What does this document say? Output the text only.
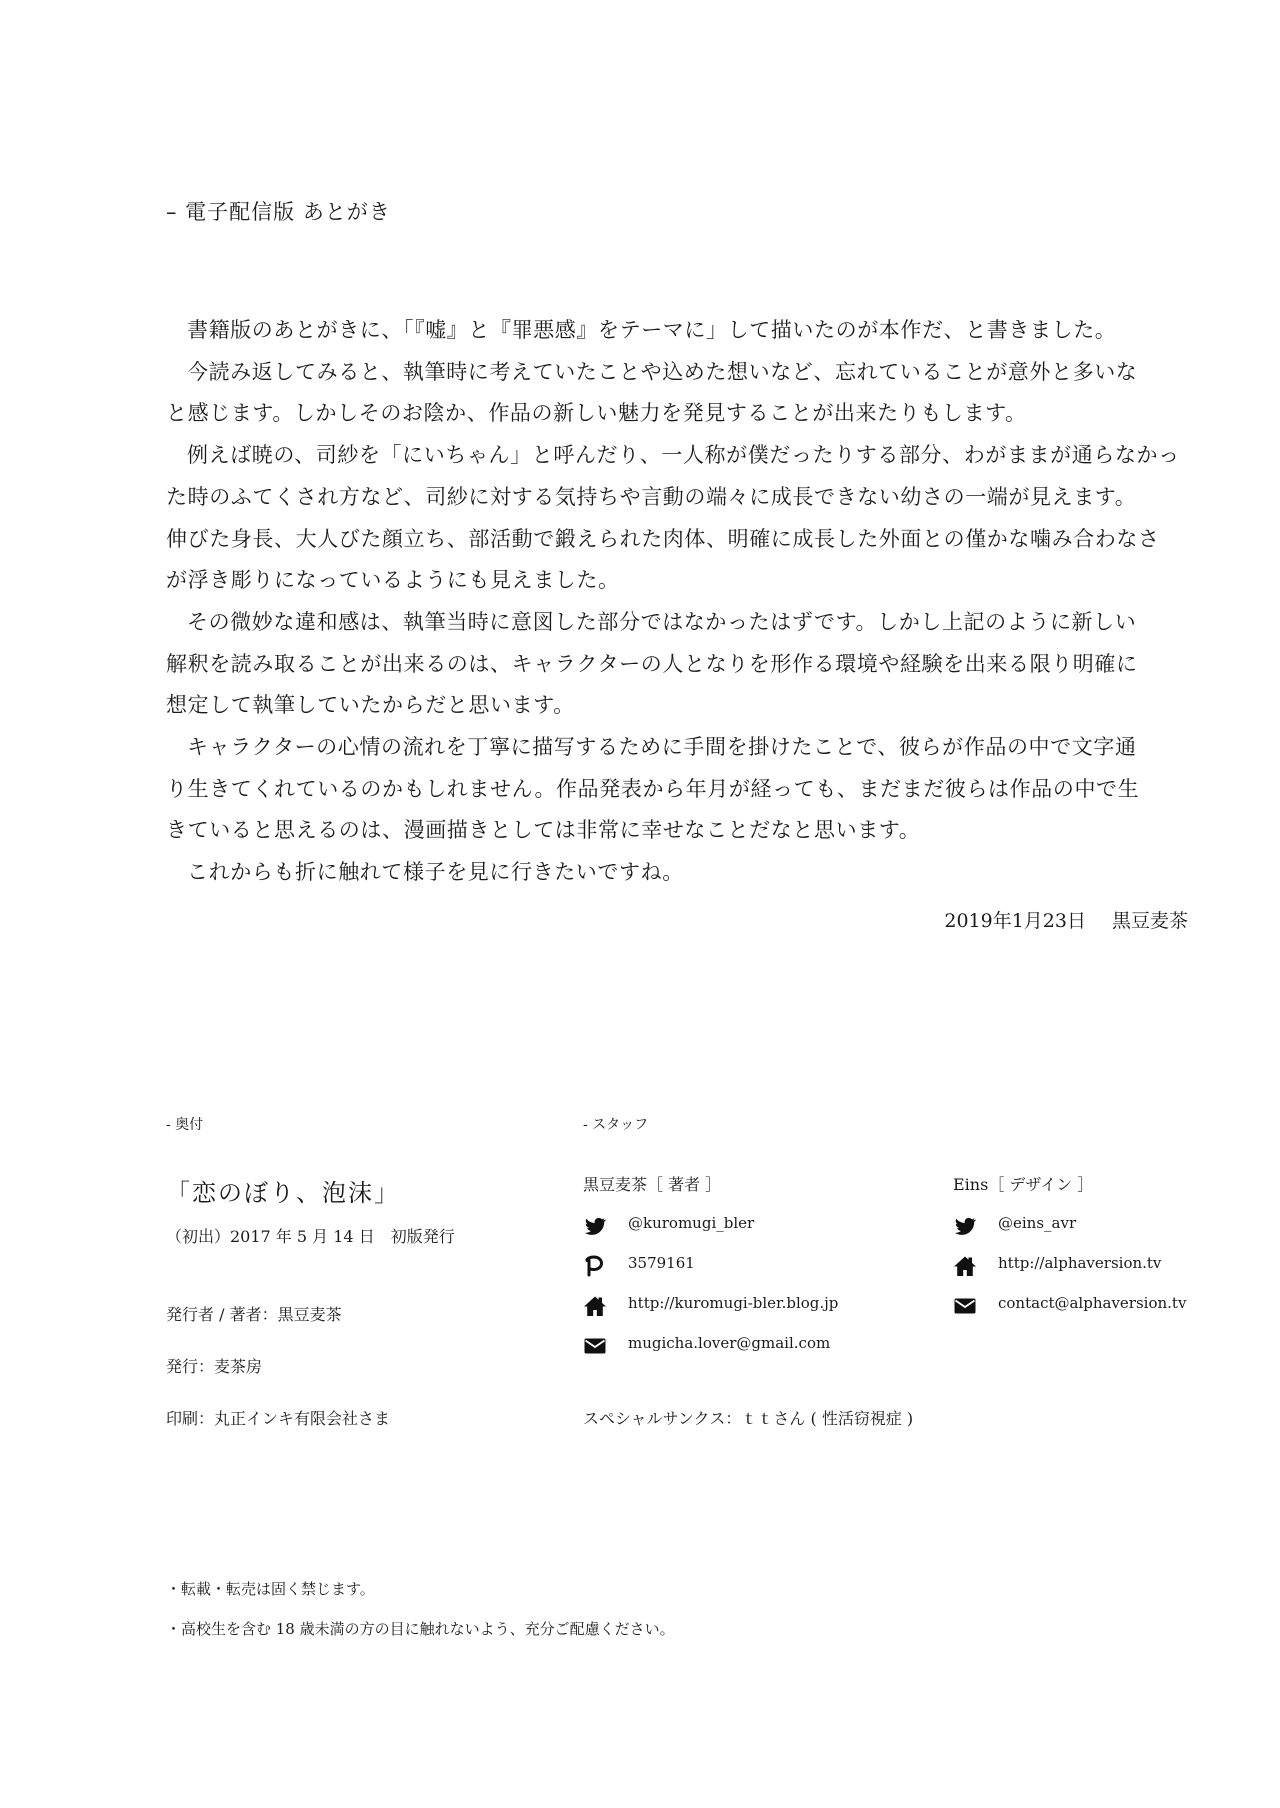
– 電子配信版 あとがき

書籍版のあとがきに、「『嘘』と『罪悪感』をテーマに」して描いたのが本作だ、と書きました。

今読み返してみると、執筆時に考えていたことや込めた想いなど、忘れていることが意外と多いな
と感じます。しかしそのお陰か、作品の新しい魅力を発見することが出来たりもします。

例えば暁の、司紗を「にいちゃん」と呼んだり、一人称が僕だったりする部分、わがままが通らなかっ
た時のふてくされ方など、司紗に対する気持ちや言動の端々に成長できない幼さの一端が見えます。
伸びた身長、大人びた顔立ち、部活動で鍛えられた肉体、明確に成長した外面との僅かな噛み合わなさ
が浮き彫りになっているようにも見えました。

その微妙な違和感は、執筆当時に意図した部分ではなかったはずです。しかし上記のように新しい
解釈を読み取ることが出来るのは、キャラクターの人となりを形作る環境や経験を出来る限り明確に
想定して執筆していたからだと思います。

キャラクターの心情の流れを丁寧に描写するために手間を掛けたことで、彼らが作品の中で文字通
り生きてくれているのかもしれません。作品発表から年月が経っても、まだまだ彼らは作品の中で生
きていると思えるのは、漫画描きとしては非常に幸せなことだなと思います。

これからも折に触れて様子を見に行きたいですね。

2019年1月23日 黒豆麦茶
- 奥付
「恋のぼり、泡沫」
（初出）2017 年 5 月 14 日　初版発行
発行者 / 著者：黒豆麦茶
発行：麦茶房
印刷：丸正インキ有限会社さま
- スタッフ
黒豆麦茶［ 著者 ］
@kuromugi_bler
3579161
http://kuromugi-bler.blog.jp
mugicha.lover@gmail.com
Eins［ デザイン ］
@eins_avr
http://alphaversion.tv
contact@alphaversion.tv
スペシャルサンクス：ｔｔさん ( 性活窃視症 )
・転載・転売は固く禁じます。
・高校生を含む 18 歳未満の方の目に触れないよう、充分ご配慮ください。
